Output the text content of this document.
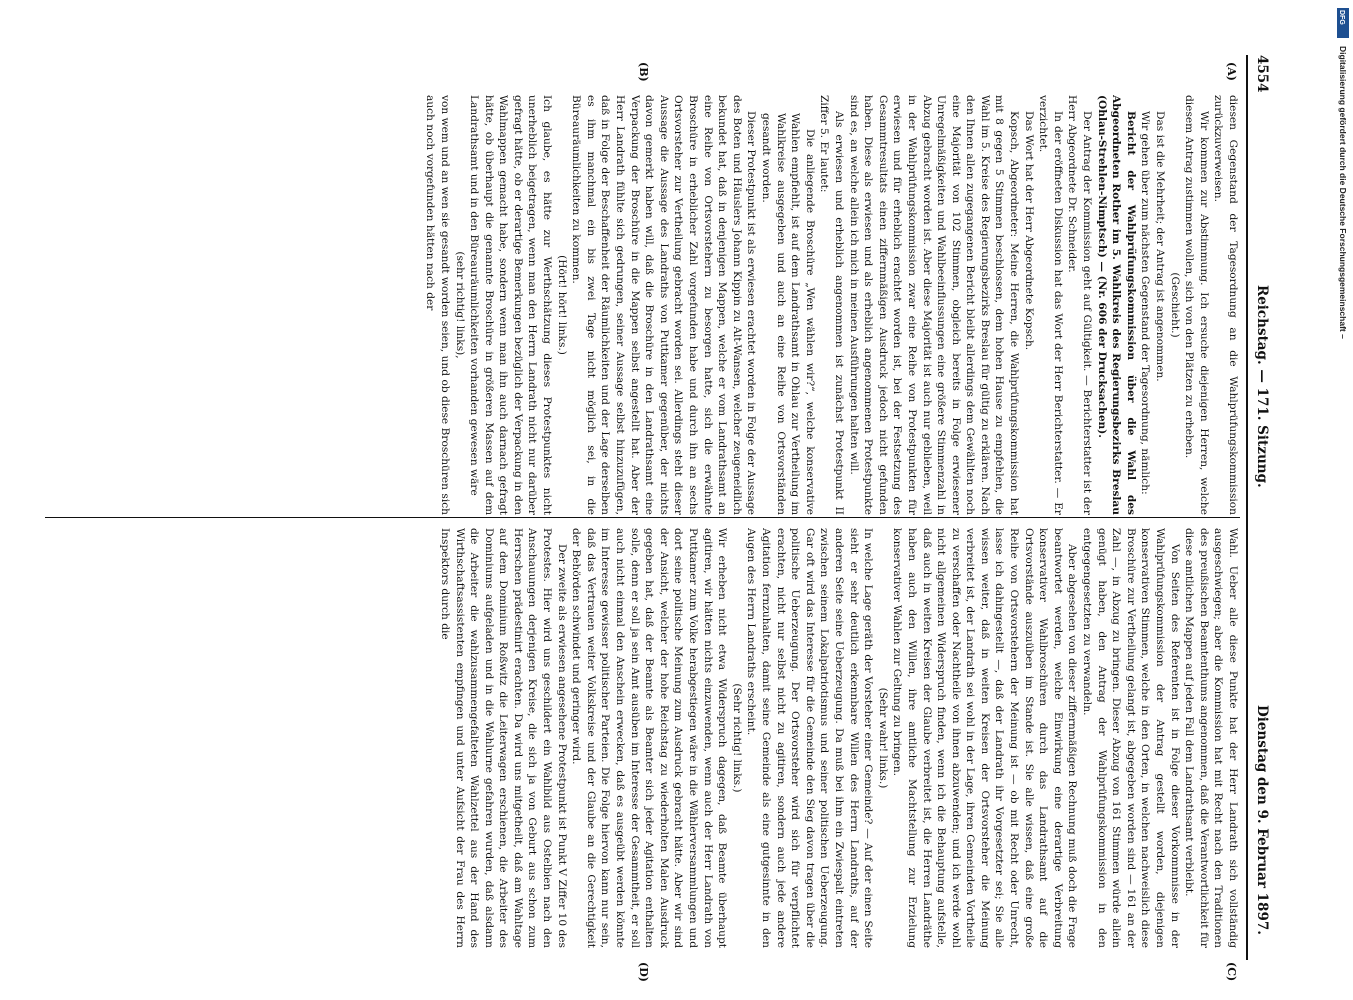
4554
Reichstag. — 171. Sitzung.
Dienstag den 9. Februar 1897.
(A)
(B)
(C)
(D)

diesen Gegenstand der Tagesordnung an die Wahlprüfungskommission zurückzuverweisen.

Wir kommen zur Abstimmung. Ich ersuche diejenigen Herren, welche diesem Antrag zustimmen wollen, sich von den Plätzen zu erheben.

(Geschieht.)

Das ist die Mehrheit; der Antrag ist angenommen.

Wir gehen über zum nächsten Gegenstand der Tagesordnung, nämlich:

Bericht der Wahlprüfungskommission über die Wahl des Abgeordneten Rother im 5. Wahlkreis des Regierungsbezirks Breslau (Ohlau-Strehlen-Nimptsch) — (Nr. 606 der Drucksachen).

Der Antrag der Kommission geht auf Gültigkeit. — Berichterstatter ist der Herr Abgeordnete Dr. Schneider.

In der eröffneten Diskussion hat das Wort der Herr Berichterstatter. — Er verzichtet.

Das Wort hat der Herr Abgeordnete Kopsch.

Kopsch, Abgeordneter: Meine Herren, die Wahlprüfungskommission hat mit 8 gegen 5 Stimmen beschlossen, dem hohen Hause zu empfehlen, die Wahl im 5. Kreise des Regierungsbezirks Breslau für gültig zu erklären. Nach den Ihnen allen zugegangenen Bericht bleibt allerdings dem Gewählten noch eine Majorität von 102 Stimmen, obgleich bereits in Folge erwiesener Unregelmäßigkeiten und Wahlbeeinflussungen eine größere Stimmenzahl in Abzug gebracht worden ist. Aber diese Majorität ist auch nur geblieben, weil in der Wahlprüfungskommission zwar eine Reihe von Protestpunkten für erwiesen und für erheblich erachtet worden ist, bei der Festsetzung des Gesammtresultats einen ziffernmäßigen Ausdruck jedoch nicht gefunden haben. Diese als erwiesen und als erheblich angenommenen Protestpunkte sind es, an welche allein ich mich in meinen Ausführungen halten will.

Als erwiesen und erheblich angenommen ist zunächst Protestpunkt II Ziffer 5. Er lautet:

Die anliegende Broschüre „Wen wählen wir?“, welche konservative Wahlen empfiehlt, ist auf dem Landrathsamt in Ohlau zur Vertheilung im Wahlkreise ausgegeben und auch an eine Reihe von Ortsvorständen gesandt worden.

Dieser Protestpunkt ist als erwiesen erachtet worden in Folge der Aussage des Boten und Häuslers Johann Kippin zu Alt-Wansen, welcher zeugeneidlich bekundet hat, daß in denjenigen Mappen, welche er vom Landrathsamt an eine Reihe von Ortsvorstehern zu besorgen hatte, sich die erwähnte Broschüre in erheblicher Zahl vorgefunden habe und durch ihn an sechs Ortsvorsteher zur Vertheilung gebracht worden sei. Allerdings steht dieser Aussage die Aussage des Landraths von Puttkamer gegenüber, der nichts davon gemerkt haben will, daß die Broschüre in den Landrathsamt eine Verpackung der Broschüre in die Mappen selbst angestellt hat. Aber der Herr Landrath fühlte sich gedrungen, seiner Aussage selbst hinzuzufügen, daß in Folge der Beschaffenheit der Räumlichkeiten und der Lage derselben es ihm manchmal ein bis zwei Tage nicht möglich sei, in die Büreauräumlichkeiten zu kommen.

(Hört! hört! links.)

Ich glaube, es hätte zur Werthschätzung dieses Protestpunktes nicht unerheblich beigetragen, wenn man den Herrn Landrath nicht nur darüber gefragt hätte, ob er derartige Bemerkungen bezüglich der Verpackung in den Wahlmappen gemacht habe, sondern wenn man ihn auch darnach gefragt hätte, ob überhaupt die genannte Broschüre in größeren Massen auf dem Landrathsamt und in den Büreauräumlichkeiten vorhanden gewesen wäre

(sehr richtig! links),

von wem und an wen sie gesandt worden seien, und ob diese Broschüren sich auch noch vorgefunden hätten nach der

Wahl. Ueber alle diese Punkte hat der Herr Landrath sich vollständig ausgeschwiegen; aber die Kommission hat mit Recht nach den Traditionen des preußischen Beamtenthums angenommen, daß die Verantwortlichkeit für diese amtlichen Mappen auf jeden Fall dem Landrathsamt verbleibt.

Von Seiten des Referenten ist in Folge dieser Vorkommnisse in der Wahlprüfungskommission der Antrag gestellt worden, diejenigen konservativen Stimmen, welche in den Orten, in welchen nachweislich diese Broschüre zur Vertheilung gelangt ist, abgegeben worden sind — 161 an der Zahl —, in Abzug zu bringen. Dieser Abzug von 161 Stimmen würde allein genügt haben, den Antrag der Wahlprüfungskommission in den entgegengesetzten zu verwandeln.

Aber abgesehen von dieser ziffernmäßigen Rechnung muß doch die Frage beantwortet werden, welche Einwirkung eine derartige Verbreitung konservativer Wahlbroschüren durch das Landrathsamt auf die Ortsvorstände auszuüben im Stande ist. Sie alle wissen, daß eine große Reihe von Ortsvorstehern der Meinung ist — ob mit Recht oder Unrecht, lasse ich dahingestellt —, daß der Landrath ihr Vorgesetzter sei; Sie alle wissen weiter, daß in weiten Kreisen der Ortsvorsteher die Meinung verbreitet ist, der Landrath sei wohl in der Lage, ihren Gemeinden Vortheile zu verschaffen oder Nachtheile von ihnen abzuwenden; und ich werde wohl nicht allgemeinen Widerspruch finden, wenn ich die Behauptung aufstelle, daß auch in weiten Kreisen der Glaube verbreitet ist, die Herren Landräthe haben auch den Willen, ihre amtliche Machtstellung zur Erzielung konservativer Wahlen zur Geltung zu bringen.

(Sehr wahr! links.)

In welche Lage geräth der Vorsteher einer Gemeinde? — Auf der einen Seite sieht er sehr deutlich erkennbare Willen des Herrn Landraths, auf der anderen Seite seine Ueberzeugung. Da muß bei ihm ein Zwiespalt eintreten zwischen seinem Lokalpatriotismus und seiner politischen Ueberzeugung. Gar oft wird das Interesse für die Gemeinde den Sieg davon tragen über die politische Ueberzeugung. Der Ortsvorsteher wird sich für verpflichtet erachten, nicht nur selbst nicht zu agitiren, sondern auch jede andere Agitation fernzuhalten, damit seine Gemeinde als eine gutgesinnte in den Augen des Herrn Landraths erscheint.

(Sehr richtig! links.)

Wir erheben nicht etwa Widerspruch dagegen, daß Beamte überhaupt agitiren, wir hätten nichts einzuwenden, wenn auch der Herr Landrath von Puttkamer zum Volke herabgestiegen wäre in die Wählerversammlungen und dort seine politische Meinung zum Ausdruck gebracht hätte. Aber wir sind der Ansicht, welcher der hohe Reichstag zu wiederholten Malen Ausdruck gegeben hat, daß der Beamte als Beamter sich jeder Agitation enthalten solle, denn er soll ja sein Amt ausüben im Interesse der Gesammtheit, er soll auch nicht einmal den Anschein erwecken, daß es ausgeübt werden könnte im Interesse gewisser politischer Parteien. Die Folge hiervon kann nur sein, daß das Vertrauen weiter Volkskreise und der Glaube an die Gerechtigkeit der Behörden schwindet und geringer wird.

Der zweite als erwiesen angesehene Protestpunkt ist Punkt V Ziffer 10 des Protestes. Hier wird uns geschildert ein Wahlbild aus Ostelbien nach den Anschauungen derjenigen Kreise, die sich ja von Geburt aus schon zum Herrschen prädestinirt erachten. Da wird uns mitgetheilt, daß am Wahltage auf dem Dominium Roßwitz die Leiterwagen erschienen, die Arbeiter des Dominiums aufgeladen und in die Wahlurne gefahren wurden, daß alsdann die Arbeiter die wahlzusammengefalteten Wahlzettel aus der Hand des Wirthschaftsassistenten empfingen und unter Aufsicht der Frau des Herrn Inspektors durch die

DFG
Digitalisierung gefördert durch die Deutsche Forschungsgemeinschaft –
